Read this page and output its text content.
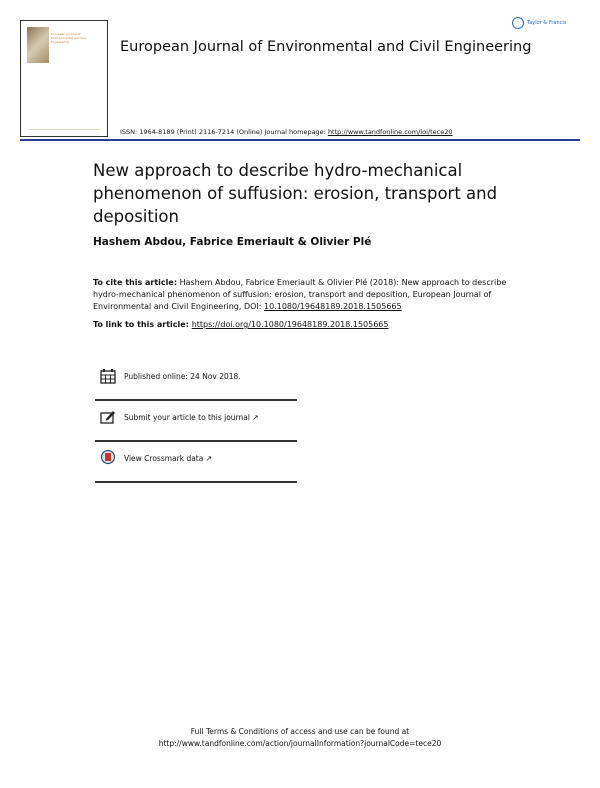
European Journal of Environmental and Civil Engineering
Taylor & Francis
European Journal of Environmental and Civil Engineering
ISSN: 1964-8189 (Print) 2116-7214 (Online) Journal homepage: http://www.tandfonline.com/loi/tece20
New approach to describe hydro-mechanical phenomenon of suffusion: erosion, transport and deposition
Hashem Abdou, Fabrice Emeriault & Olivier Plé
To cite this article: Hashem Abdou, Fabrice Emeriault & Olivier Plé (2018): New approach to describe hydro-mechanical phenomenon of suffusion: erosion, transport and deposition, European Journal of Environmental and Civil Engineering, DOI: 10.1080/19648189.2018.1505665
To link to this article: https://doi.org/10.1080/19648189.2018.1505665
Published online: 24 Nov 2018.
Submit your article to this journal ↗
View Crossmark data ↗
Full Terms & Conditions of access and use can be found at
http://www.tandfonline.com/action/journalInformation?journalCode=tece20
